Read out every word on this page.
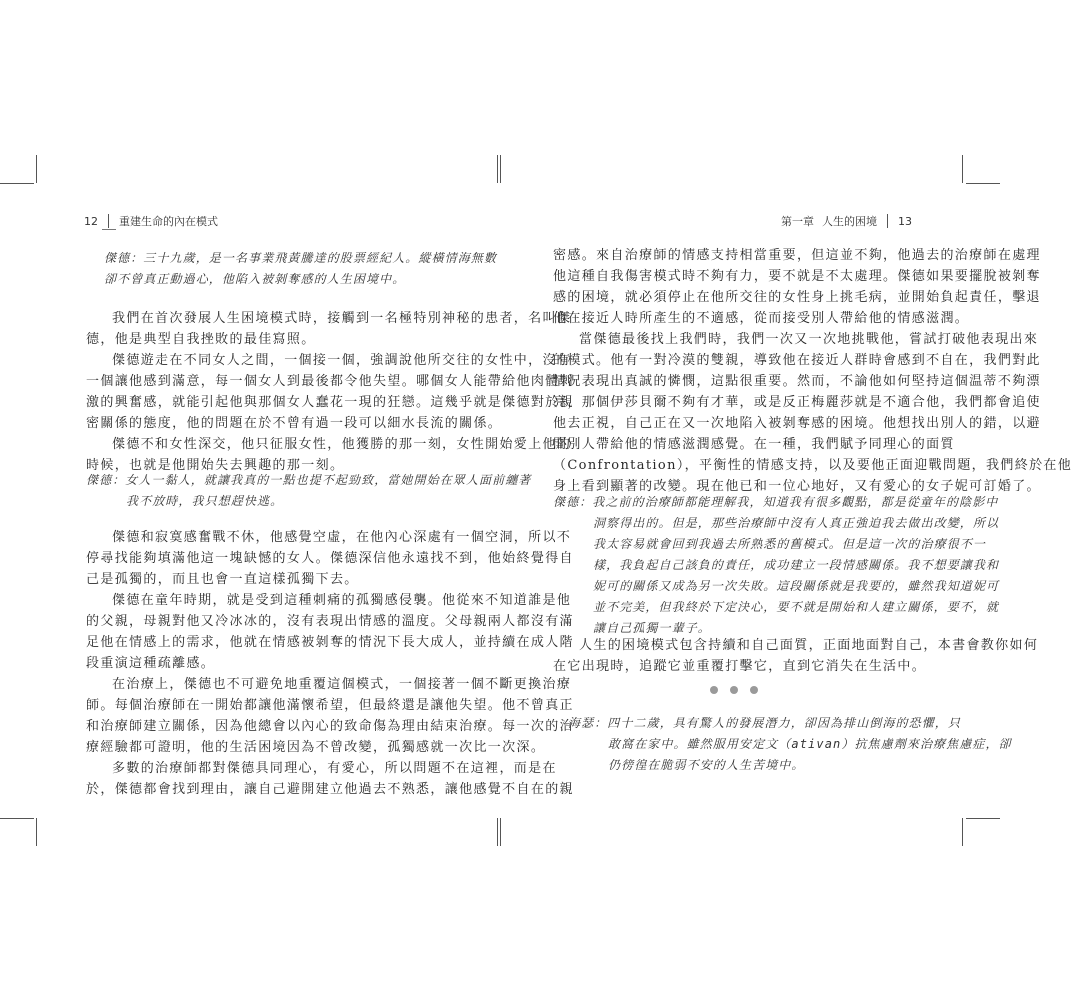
12 重建生命的內在模式
傑德：三十九歲，是一名事業飛黃騰達的股票經紀人。縱橫情海無數
卻不曾真正動過心，他陷入被剝奪感的人生困境中。
我們在首次發展人生困境模式時，接觸到一名極特別神秘的患者，名叫傑
德，他是典型自我挫敗的最佳寫照。
傑德遊走在不同女人之間，一個接一個，強調說他所交往的女性中，沒有
一個讓他感到滿意，每一個女人到最後都令他失望。哪個女人能帶給他肉體刺
激的興奮感，就能引起他與那個女人蠢花一現的狂戀。這幾乎就是傑德對於親
密關係的態度，他的問題在於不曾有過一段可以細水長流的關係。
傑德不和女性深交，他只征服女性，他獲勝的那一刻，女性開始愛上他的
時候，也就是他開始失去興趣的那一刻。
傑德：女人一黏人，就讓我真的一點也提不起勁致，當她開始在眾人面前纏著
我不放時，我只想趕快逃。
傑德和寂寞感奮戰不休，他感覺空虛，在他內心深處有一個空洞，所以不
停尋找能夠填滿他這一塊缺憾的女人。傑德深信他永遠找不到，他始終覺得自
己是孤獨的，而且也會一直這樣孤獨下去。
傑德在童年時期，就是受到這種刺痛的孤獨感侵襲。他從來不知道誰是他
的父親，母親對他又冷冰冰的，沒有表現出情感的溫度。父母親兩人都沒有滿
足他在情感上的需求，他就在情感被剝奪的情況下長大成人，並持續在成人階
段重演這種疏離感。
在治療上，傑德也不可避免地重覆這個模式，一個接著一個不斷更換治療
師。每個治療師在一開始都讓他滿懷希望，但最終還是讓他失望。他不曾真正
和治療師建立關係，因為他總會以內心的致命傷為理由結束治療。每一次的治
療經驗都可證明，他的生活困境因為不曾改變，孤獨感就一次比一次深。
多數的治療師都對傑德具同理心，有愛心，所以問題不在這裡，而是在
於，傑德都會找到理由，讓自己避開建立他過去不熟悉，讓他感覺不自在的親
第一章 人生的困境 13
密感。來自治療師的情感支持相當重要，但這並不夠，他過去的治療師在處理
他這種自我傷害模式時不夠有力，要不就是不太處理。傑德如果要擺脫被剝奪
感的困境，就必須停止在他所交往的女性身上挑毛病，並開始負起責任，擊退
他在接近人時所產生的不適感，從而接受別人帶給他的情感滋潤。
當傑德最後找上我們時，我們一次又一次地挑戰他，嘗試打破他表現出來
的模式。他有一對冷漠的雙親，導致他在接近人群時會感到不自在，我們對此
情況表現出真誠的憐憫，這點很重要。然而，不論他如何堅持這個温蒂不夠漂
亮，那個伊莎貝爾不夠有才華，或是反正梅麗莎就是不適合他，我們都會追使
他去正視，自己正在又一次地陷入被剝奪感的困境。他想找出別人的錯，以避
開別人帶給他的情感滋潤感覺。在一種，我們賦予同理心的面質
（Confrontation），平衡性的情感支持，以及要他正面迎戰問題，我們終於在他
身上看到顯著的改變。現在他已和一位心地好，又有愛心的女子妮可訂婚了。
傑德：我之前的治療師都能理解我，知道我有很多觀點，都是從童年的陰影中
洞察得出的。但是，那些治療師中沒有人真正強迫我去做出改變，所以
我太容易就會回到我過去所熟悉的舊模式。但是這一次的治療很不一
樣，我負起自己該負的責任，成功建立一段情感關係。我不想要讓我和
妮可的關係又成為另一次失敗。這段關係就是我要的，雖然我知道妮可
並不完美，但我終於下定決心，要不就是開始和人建立關係，要不，就
讓自己孤獨一輩子。
人生的困境模式包含持續和自己面質，正面地面對自己，本書會教你如何
在它出現時，追蹤它並重覆打擊它，直到它消失在生活中。
海瑟：四十二歲，具有驚人的發展潛力，卻因為排山倒海的恐懼，只
敢窩在家中。雖然服用安定文（ativan）抗焦慮劑來治療焦慮症，卻
仍徬徨在脆弱不安的人生苦境中。
